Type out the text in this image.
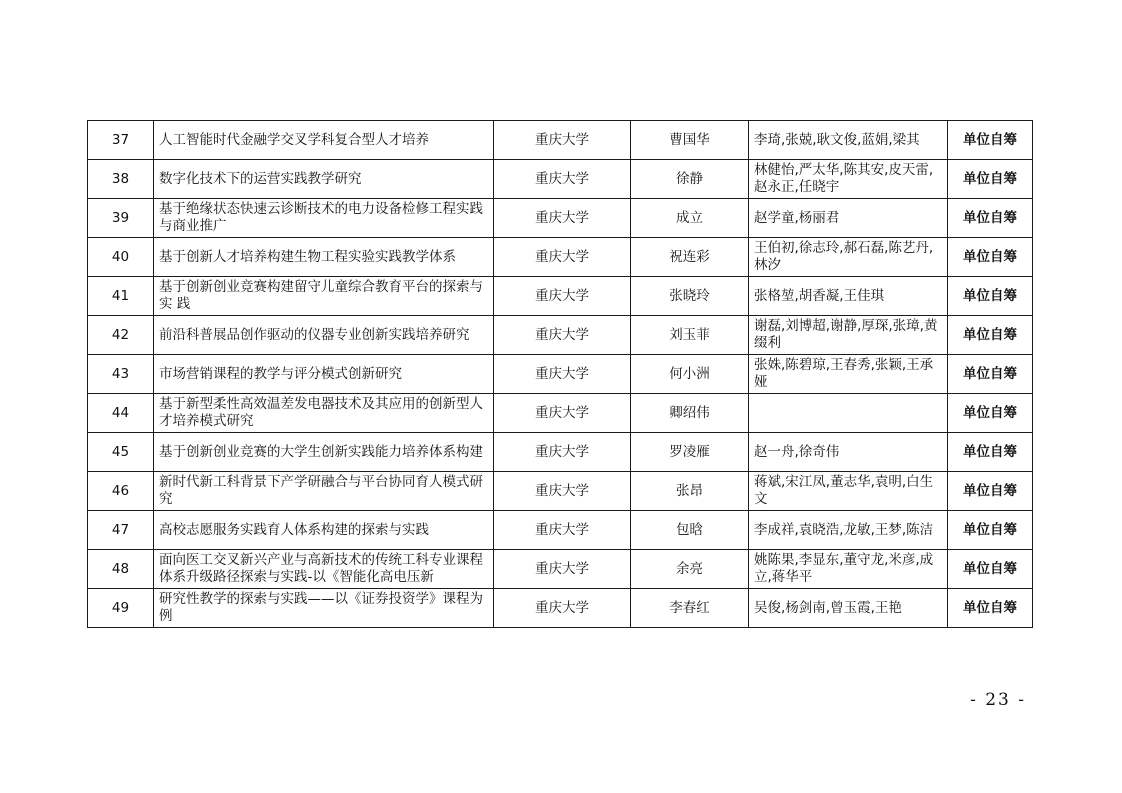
37	人工智能时代金融学交叉学科复合型人才培养	重庆大学	曹国华	李琦,张兢,耿文俊,蓝娟,梁其	单位自筹
38	数字化技术下的运营实践教学研究	重庆大学	徐静	林健怡,严太华,陈其安,皮天雷,赵永正,任晓宇	单位自筹
39	基于绝缘状态快速云诊断技术的电力设备检修工程实践与商业推广	重庆大学	成立	赵学童,杨丽君	单位自筹
40	基于创新人才培养构建生物工程实验实践教学体系	重庆大学	祝连彩	王伯初,徐志玲,郝石磊,陈艺丹,林汐	单位自筹
41	基于创新创业竞赛构建留守儿童综合教育平台的探索与实 践	重庆大学	张晓玲	张格堃,胡香凝,王佳琪	单位自筹
42	前沿科普展品创作驱动的仪器专业创新实践培养研究	重庆大学	刘玉菲	谢磊,刘博超,谢静,厚琛,张璋,黄缀利	单位自筹
43	市场营销课程的教学与评分模式创新研究	重庆大学	何小洲	张姝,陈碧琼,王春秀,张颖,王承娅	单位自筹
44	基于新型柔性高效温差发电器技术及其应用的创新型人才培养模式研究	重庆大学	卿绍伟		单位自筹
45	基于创新创业竞赛的大学生创新实践能力培养体系构建	重庆大学	罗凌雁	赵一舟,徐奇伟	单位自筹
46	新时代新工科背景下产学研融合与平台协同育人模式研究	重庆大学	张昂	蒋斌,宋江凤,董志华,袁明,白生文	单位自筹
47	高校志愿服务实践育人体系构建的探索与实践	重庆大学	包晗	李成祥,袁晓浩,龙敏,王梦,陈洁	单位自筹
48	面向医工交叉新兴产业与高新技术的传统工科专业课程体系升级路径探索与实践-以《智能化高电压新	重庆大学	余亮	姚陈果,李显东,董守龙,米彦,成立,蒋华平	单位自筹
49	研究性教学的探索与实践——以《证券投资学》课程为例	重庆大学	李春红	吴俊,杨剑南,曾玉霞,王艳	单位自筹
- 23 -
